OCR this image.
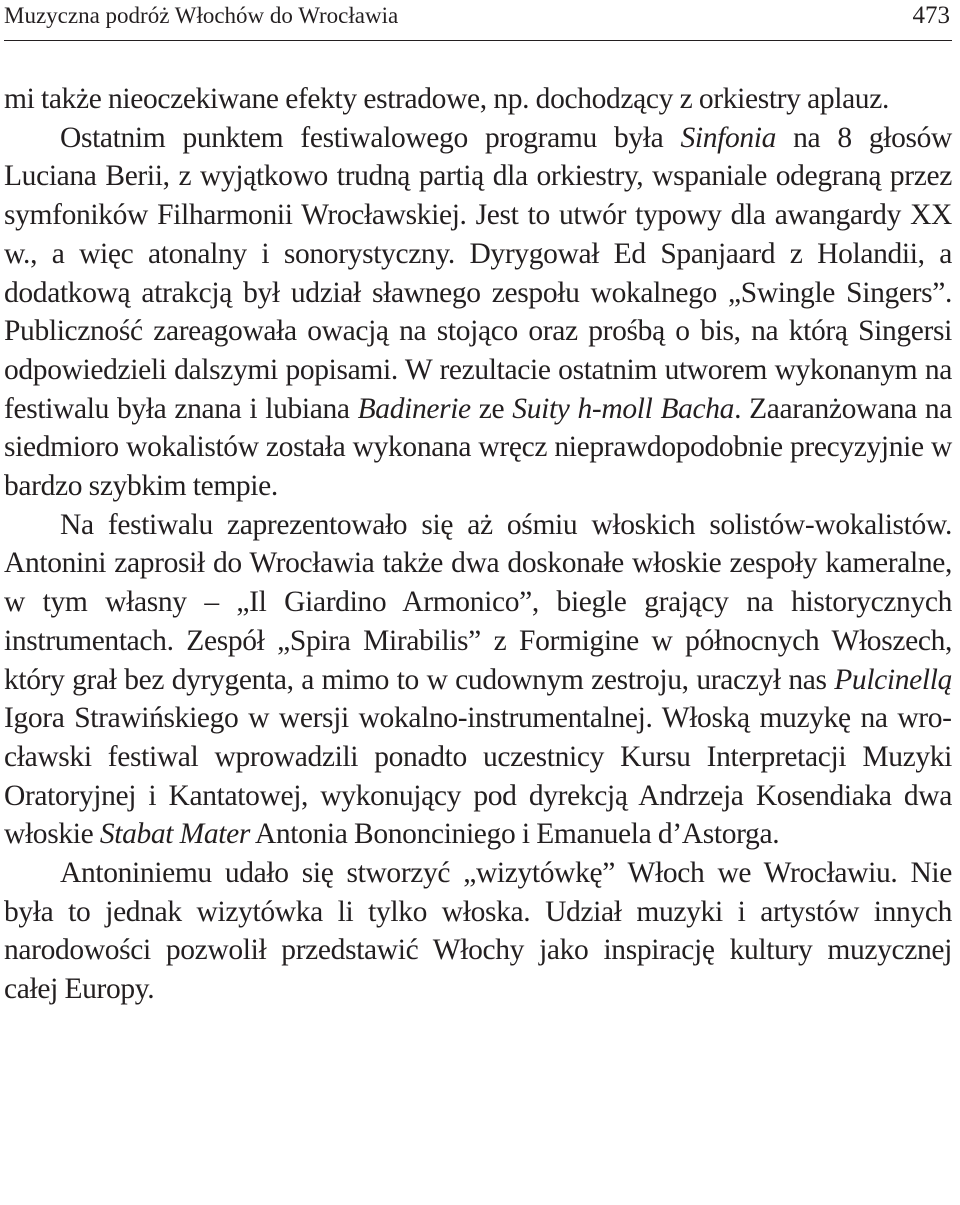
Muzyczna podróż Włochów do Wrocławia	473

mi także nieoczekiwane efekty estradowe, np. dochodzący z orkiestry aplauz.

Ostatnim punktem festiwalowego programu była Sinfonia na 8 głosów Luciana Berii, z wyjątkowo trudną partią dla orkiestry, wspaniale odegraną przez symfoników Filharmonii Wrocławskiej. Jest to utwór typowy dla awangardy XX w., a więc atonalny i sonorystyczny. Dyrygował Ed Spanjaard z Holandii, a dodatkową atrakcją był udział sławnego zespołu wokalnego „Swingle Singers”. Publiczność zareagowała owacją na stojąco oraz prośbą o bis, na którą Singersi odpowiedzieli dalszymi popisami. W rezultacie ostatnim utworem wykonanym na festiwalu była znana i lubiana Badinerie ze Suity h-moll Bacha. Zaaranżowana na siedmioro wokalistów została wykonana wręcz nieprawdopodobnie precyzyjnie w bardzo szybkim tempie.

Na festiwalu zaprezentowało się aż ośmiu włoskich solistów-wokalistów. Antonini zaprosił do Wrocławia także dwa doskonałe włoskie zespoły kameralne, w tym własny – „Il Giardino Armonico”, biegle grający na historycznych instrumentach. Zespół „Spira Mirabilis” z Formigine w północnych Włoszech, który grał bez dyrygenta, a mimo to w cudownym zestroju, uraczył nas Pulcinellą Igora Strawińskiego w wersji wokalno-instrumentalnej. Włoską muzykę na wrocławski festiwal wprowadzili ponadto uczestnicy Kursu Interpretacji Muzyki Oratoryjnej i Kantatowej, wykonujący pod dyrekcją Andrzeja Kosendiaka dwa włoskie Stabat Mater Antonia Bononciniego i Emanuela d’Astorga.

Antoniniemu udało się stworzyć „wizytówkę” Włoch we Wrocławiu. Nie była to jednak wizytówka li tylko włoska. Udział muzyki i artystów innych narodowości pozwolił przedstawić Włochy jako inspirację kultury muzycznej całej Europy.
